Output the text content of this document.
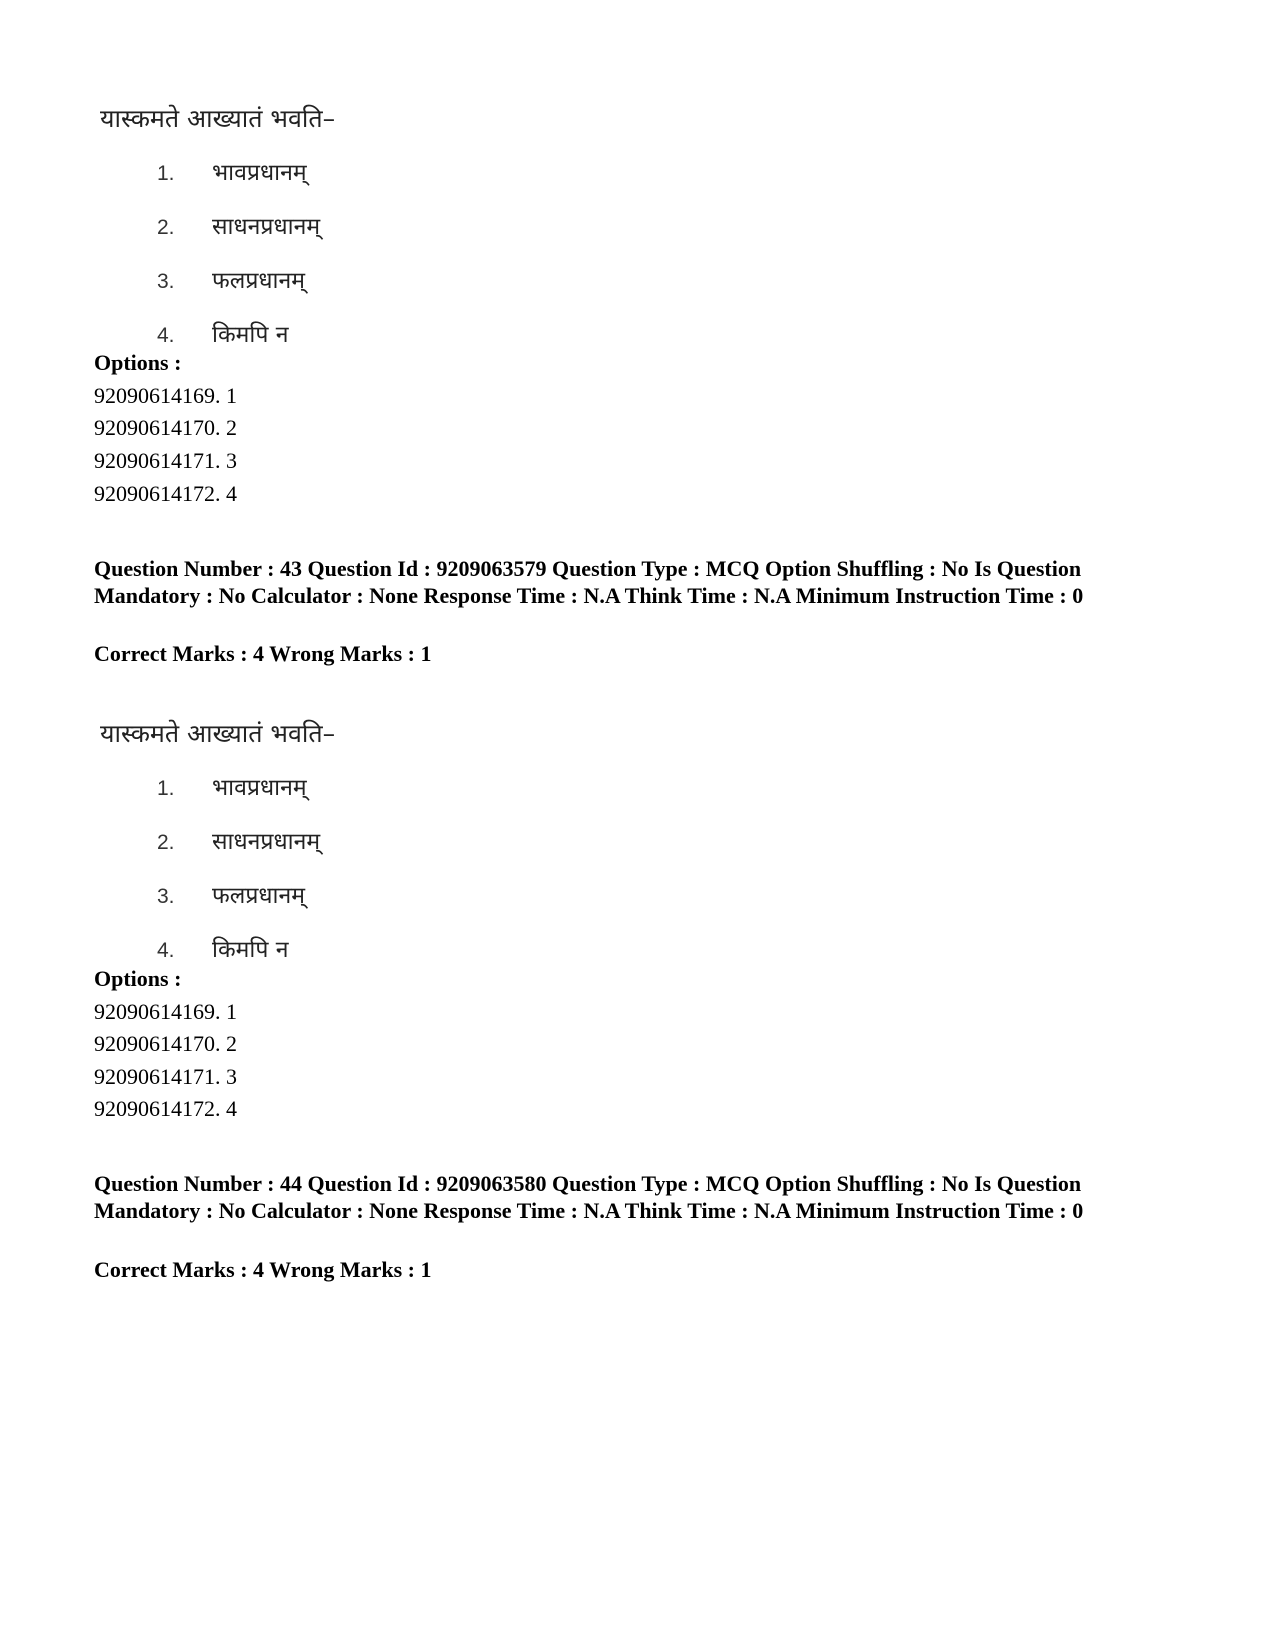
यास्कमते आख्यातं भवति–
1. भावप्रधानम्
2. साधनप्रधानम्
3. फलप्रधानम्
4. किमपि न
Options :
92090614169. 1
92090614170. 2
92090614171. 3
92090614172. 4
Question Number : 43 Question Id : 9209063579 Question Type : MCQ Option Shuffling : No Is Question Mandatory : No Calculator : None Response Time : N.A Think Time : N.A Minimum Instruction Time : 0
Correct Marks : 4 Wrong Marks : 1
यास्कमते आख्यातं भवति–
1. भावप्रधानम्
2. साधनप्रधानम्
3. फलप्रधानम्
4. किमपि न
Options :
92090614169. 1
92090614170. 2
92090614171. 3
92090614172. 4
Question Number : 44 Question Id : 9209063580 Question Type : MCQ Option Shuffling : No Is Question Mandatory : No Calculator : None Response Time : N.A Think Time : N.A Minimum Instruction Time : 0
Correct Marks : 4 Wrong Marks : 1
